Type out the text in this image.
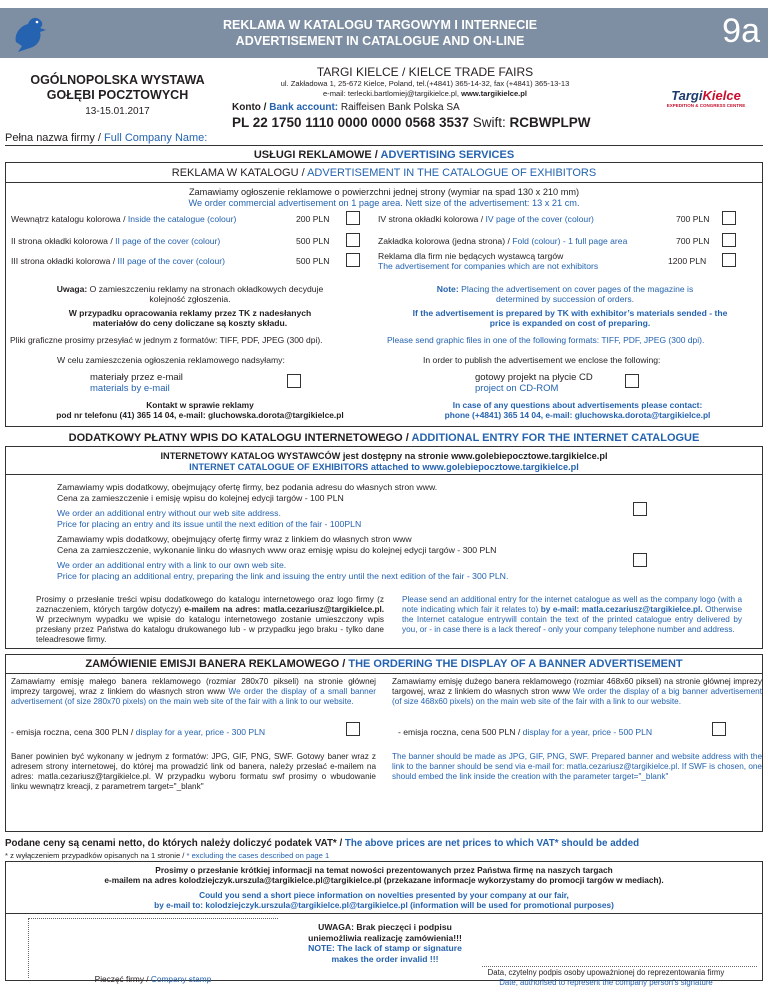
REKLAMA W KATALOGU TARGOWYM I INTERNECIE
ADVERTISEMENT IN CATALOGUE AND ON-LINE	9a
OGÓLNOPOLSKA WYSTAWA
GOŁĘBI POCZTOWYCH
13-15.01.2017
TARGI KIELCE / KIELCE TRADE FAIRS
ul. Zakładowa 1, 25-672 Kielce, Poland, tel.(+4841) 365-14-32, fax (+4841) 365-13-13
e-mail: terlecki.bartlomiej@targikielce.pl, www.targikielce.pl
Konto / Bank account: Raiffeisen Bank Polska SA
PL 22 1750 1110 0000 0000 0568 3537 Swift: RCBWPLPW
TargiKielce
EXPEDITION & CONGRESS CENTRE
Pełna nazwa firmy / Full Company Name:
USŁUGI REKLAMOWE / ADVERTISING SERVICES
REKLAMA W KATALOGU / ADVERTISEMENT IN THE CATALOGUE OF EXHIBITORS
Zamawiamy ogłoszenie reklamowe o powierzchni jednej strony (wymiar na spad 130 x 210 mm)
We order commercial advertisement on 1 page area. Nett size of the advertisement: 13 x 21 cm.
Wewnątrz katalogu kolorowa / Inside the catalogue (colour)	200 PLN
II strona okładki kolorowa / II page of the cover (colour)	500 PLN
III strona okładki kolorowa / III page of the cover (colour)	500 PLN
IV strona okładki kolorowa / IV page of the cover (colour)	700 PLN
Zakładka kolorowa (jedna strona) / Fold (colour) - 1 full page area	700 PLN
Reklama dla firm nie będących wystawcą targów
The advertisement for companies which are not exhibitors	1200 PLN
Uwaga: O zamieszczeniu reklamy na stronach okładkowych decyduje kolejność zgłoszenia.
Note: Placing the advertisement on cover pages of the magazine is determined by succession of orders.
W przypadku opracowania reklamy przez TK z nadesłanych materiałów do ceny doliczane są koszty składu.
If the advertisement is prepared by TK with exhibitor’s materials sended - the price is expanded on cost of preparing.
Pliki graficzne prosimy przesyłać w jednym z formatów: TIFF, PDF, JPEG (300 dpi).	Please send graphic files in one of the following formats: TIFF, PDF, JPEG (300 dpi).
W celu zamieszczenia ogłoszenia reklamowego nadsyłamy:	In order to publish the advertisement we enclose the following:
materiały przez e-mail
materials by e-mail
gotowy projekt na płycie CD
project on CD-ROM
Kontakt w sprawie reklamy
pod nr telefonu (41) 365 14 04, e-mail: gluchowska.dorota@targikielce.pl
In case of any questions about advertisements please contact:
phone (+4841) 365 14 04, e-mail: gluchowska.dorota@targikielce.pl
DODATKOWY PŁATNY WPIS DO KATALOGU INTERNETOWEGO / ADDITIONAL ENTRY FOR THE INTERNET CATALOGUE
INTERNETOWY KATALOG WYSTAWCÓW jest dostępny na stronie www.golebiepocztowe.targikielce.pl
INTERNET CATALOGUE OF EXHIBITORS attached to www.golebiepocztowe.targikielce.pl
Zamawiamy wpis dodatkowy, obejmujący ofertę firmy, bez podania adresu do własnych stron www.
Cena za zamieszczenie i emisję wpisu do kolejnej edycji targów - 100 PLN
We order an additional entry without our web site address.
Price for placing an entry and its issue until the next edition of the fair - 100PLN
Zamawiamy wpis dodatkowy, obejmujący ofertę firmy wraz z linkiem do własnych stron www
Cena za zamieszczenie, wykonanie linku do własnych www oraz emisję wpisu do kolejnej edycji targów - 300 PLN
We order an additional entry with a link to our own web site.
Price for placing an additional entry, preparing the link and issuing the entry until the next edition of the fair - 300 PLN.
Prosimy o przesłanie treści wpisu dodatkowego do katalogu internetowego oraz logo firmy (z zaznaczeniem, których targów dotyczy) e-mailem na adres: matla.cezariusz@targikielce.pl. W przeciwnym wypadku we wpisie do katalogu internetowego zostanie umieszczony wpis przesłany przez Państwa do katalogu drukowanego lub - w przypadku jego braku - tylko dane teleadresowe firmy.
Please send an additional entry for the internet catalogue as well as the company logo (with a note indicating which fair it relates to) by e-mail: matla.cezariusz@targikielce.pl. Otherwise the Internet catalogue entrywill contain the text of the printed catalogue entry delivered by you, or - in case there is a lack thereof - only your company telephone number and address.
ZAMÓWIENIE EMISJI BANERA REKLAMOWEGO / THE ORDERING THE DISPLAY OF A BANNER ADVERTISEMENT
Zamawiamy emisję małego banera reklamowego (rozmiar 280x70 pikseli) na stronie głównej imprezy targowej, wraz z linkiem do własnych stron www We order the display of a small banner advertisement (of size 280x70 pixels) on the main web site of the fair with a link to our website.
Zamawiamy emisję dużego banera reklamowego (rozmiar 468x60 pikseli) na stronie głównej imprezy targowej, wraz z linkiem do własnych stron www We order the display of a big banner advertisement (of size 468x60 pixels) on the main web site of the fair with a link to our website.
- emisja roczna, cena 300 PLN / display for a year, price - 300 PLN	- emisja roczna, cena 500 PLN / display for a year, price - 500 PLN
Baner powinien być wykonany w jednym z formatów: JPG, GIF, PNG, SWF. Gotowy baner wraz z adresem strony internetowej, do której ma prowadzić link od banera, należy przesłać e-mailem na adres: matla.cezariusz@targikielce.pl. W przypadku wyboru formatu swf prosimy o wbudowanie linku wewnątrz kreacji, z parametrem target="_blank"
The banner should be made as JPG, GIF, PNG, SWF. Prepared banner and website address with the link to the banner should be send via e-mail for: matla.cezariusz@targikielce.pl. If SWF is chosen, one should embed the link inside the creation with the parameter target="_blank"
Podane ceny są cenami netto, do których należy doliczyć podatek VAT* / The above prices are net prices to which VAT* should be added
* z wyłączeniem przypadków opisanych na 1 stronie / * excluding the cases described on page 1
Prosimy o przesłanie krótkiej informacji na temat nowości prezentowanych przez Państwa firmę na naszych targach
e-mailem na adres kolodziejczyk.urszula@targikielce.pl@targikielce.pl (przekazane informacje wykorzystamy do promocji targów w mediach).
Could you send a short piece information on novelties presented by your company at our fair,
by e-mail to: kolodziejczyk.urszula@targikielce.pl@targikielce.pl (information will be used for promotional purposes)
Pieczęć firmy / Company stamp
UWAGA: Brak pieczęci i podpisu
uniemożliwia realizację zamówienia!!!
NOTE: The lack of stamp or signature
makes the order invalid !!!
Data, czytelny podpis osoby upoważnionej do reprezentowania firmy
Date, authorised to represent the company person’s signature
